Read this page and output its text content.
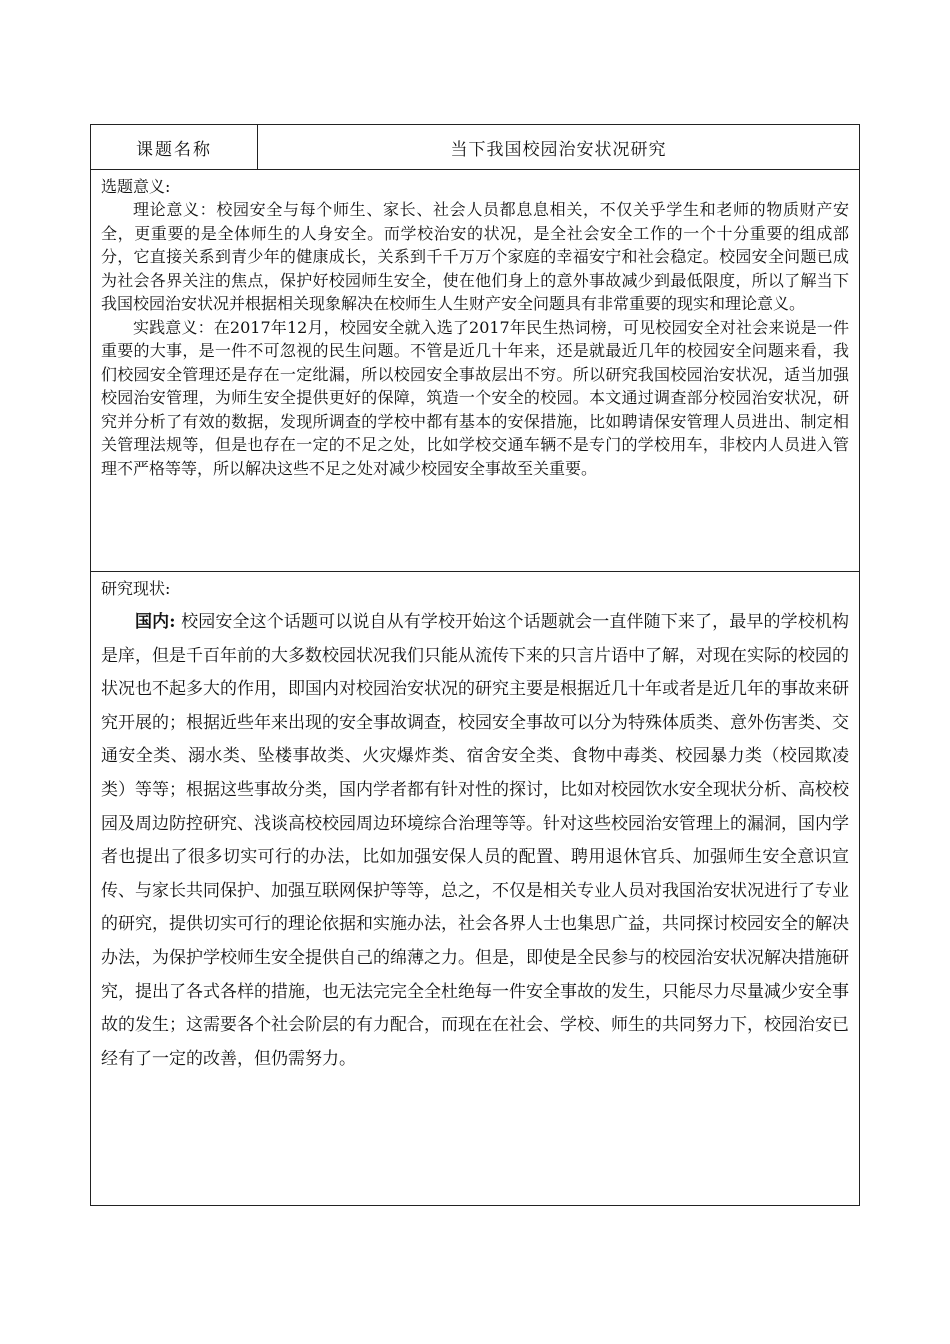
课题名称	当下我国校园治安状况研究
选题意义:

理论意义：校园安全与每个师生、家长、社会人员都息息相关，不仅关乎学生和老师的物质财产安全，更重要的是全体师生的人身安全。而学校治安的状况，是全社会安全工作的一个十分重要的组成部分，它直接关系到青少年的健康成长，关系到千千万万个家庭的幸福安宁和社会稳定。校园安全问题已成为社会各界关注的焦点，保护好校园师生安全，使在他们身上的意外事故减少到最低限度，所以了解当下我国校园治安状况并根据相关现象解决在校师生人生财产安全问题具有非常重要的现实和理论意义。

实践意义：在2017年12月，校园安全就入选了2017年民生热词榜，可见校园安全对社会来说是一件重要的大事，是一件不可忽视的民生问题。不管是近几十年来，还是就最近几年的校园安全问题来看，我们校园安全管理还是存在一定纰漏，所以校园安全事故层出不穷。所以研究我国校园治安状况，适当加强校园治安管理，为师生安全提供更好的保障，筑造一个安全的校园。本文通过调查部分校园治安状况，研究并分析了有效的数据，发现所调查的学校中都有基本的安保措施，比如聘请保安管理人员进出、制定相关管理法规等，但是也存在一定的不足之处，比如学校交通车辆不是专门的学校用车，非校内人员进入管理不严格等等，所以解决这些不足之处对减少校园安全事故至关重要。

研究现状:

国内: 校园安全这个话题可以说自从有学校开始这个话题就会一直伴随下来了，最早的学校机构是庠，但是千百年前的大多数校园状况我们只能从流传下来的只言片语中了解，对现在实际的校园的状况也不起多大的作用，即国内对校园治安状况的研究主要是根据近几十年或者是近几年的事故来研究开展的；根据近些年来出现的安全事故调查，校园安全事故可以分为特殊体质类、意外伤害类、交通安全类、溺水类、坠楼事故类、火灾爆炸类、宿舍安全类、食物中毒类、校园暴力类（校园欺凌类）等等；根据这些事故分类，国内学者都有针对性的探讨，比如对校园饮水安全现状分析、高校校园及周边防控研究、浅谈高校校园周边环境综合治理等等。针对这些校园治安管理上的漏洞，国内学者也提出了很多切实可行的办法，比如加强安保人员的配置、聘用退休官兵、加强师生安全意识宣传、与家长共同保护、加强互联网保护等等，总之，不仅是相关专业人员对我国治安状况进行了专业的研究，提供切实可行的理论依据和实施办法，社会各界人士也集思广益，共同探讨校园安全的解决办法，为保护学校师生安全提供自己的绵薄之力。但是，即使是全民参与的校园治安状况解决措施研究，提出了各式各样的措施，也无法完完全全杜绝每一件安全事故的发生，只能尽力尽量减少安全事故的发生；这需要各个社会阶层的有力配合，而现在在社会、学校、师生的共同努力下，校园治安已经有了一定的改善，但仍需努力。
